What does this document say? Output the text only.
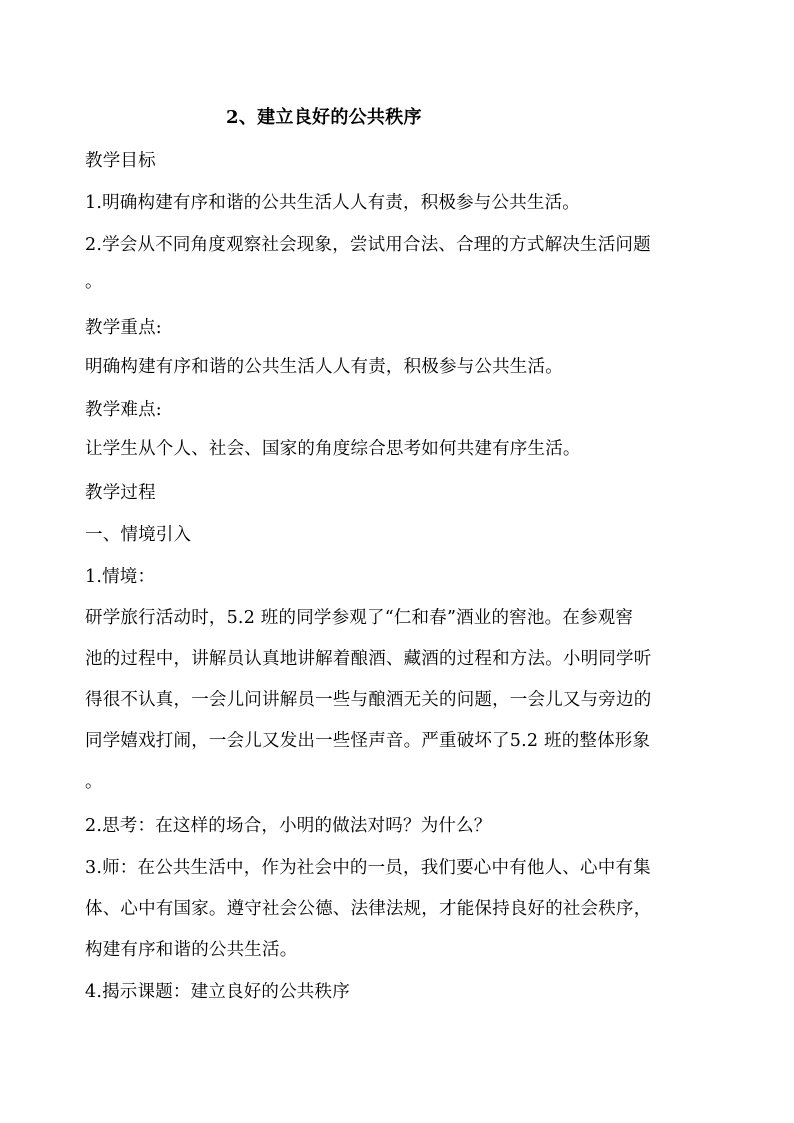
2、建立良好的公共秩序
教学目标
1.明确构建有序和谐的公共生活人人有责，积极参与公共生活。
2.学会从不同角度观察社会现象，尝试用合法、合理的方式解决生活问题
。
教学重点:
明确构建有序和谐的公共生活人人有责，积极参与公共生活。
教学难点:
让学生从个人、社会、国家的角度综合思考如何共建有序生活。
教学过程
一、情境引入
1.情境：
研学旅行活动时，5.2 班的同学参观了“仁和春”酒业的窖池。在参观窖
池的过程中，讲解员认真地讲解着酿酒、藏酒的过程和方法。小明同学听
得很不认真，一会儿问讲解员一些与酿酒无关的问题，一会儿又与旁边的
同学嬉戏打闹，一会儿又发出一些怪声音。严重破坏了5.2 班的整体形象
。
2.思考：在这样的场合，小明的做法对吗？为什么？
3.师：在公共生活中，作为社会中的一员，我们要心中有他人、心中有集
体、心中有国家。遵守社会公德、法律法规，才能保持良好的社会秩序，
构建有序和谐的公共生活。
4.揭示课题：建立良好的公共秩序
